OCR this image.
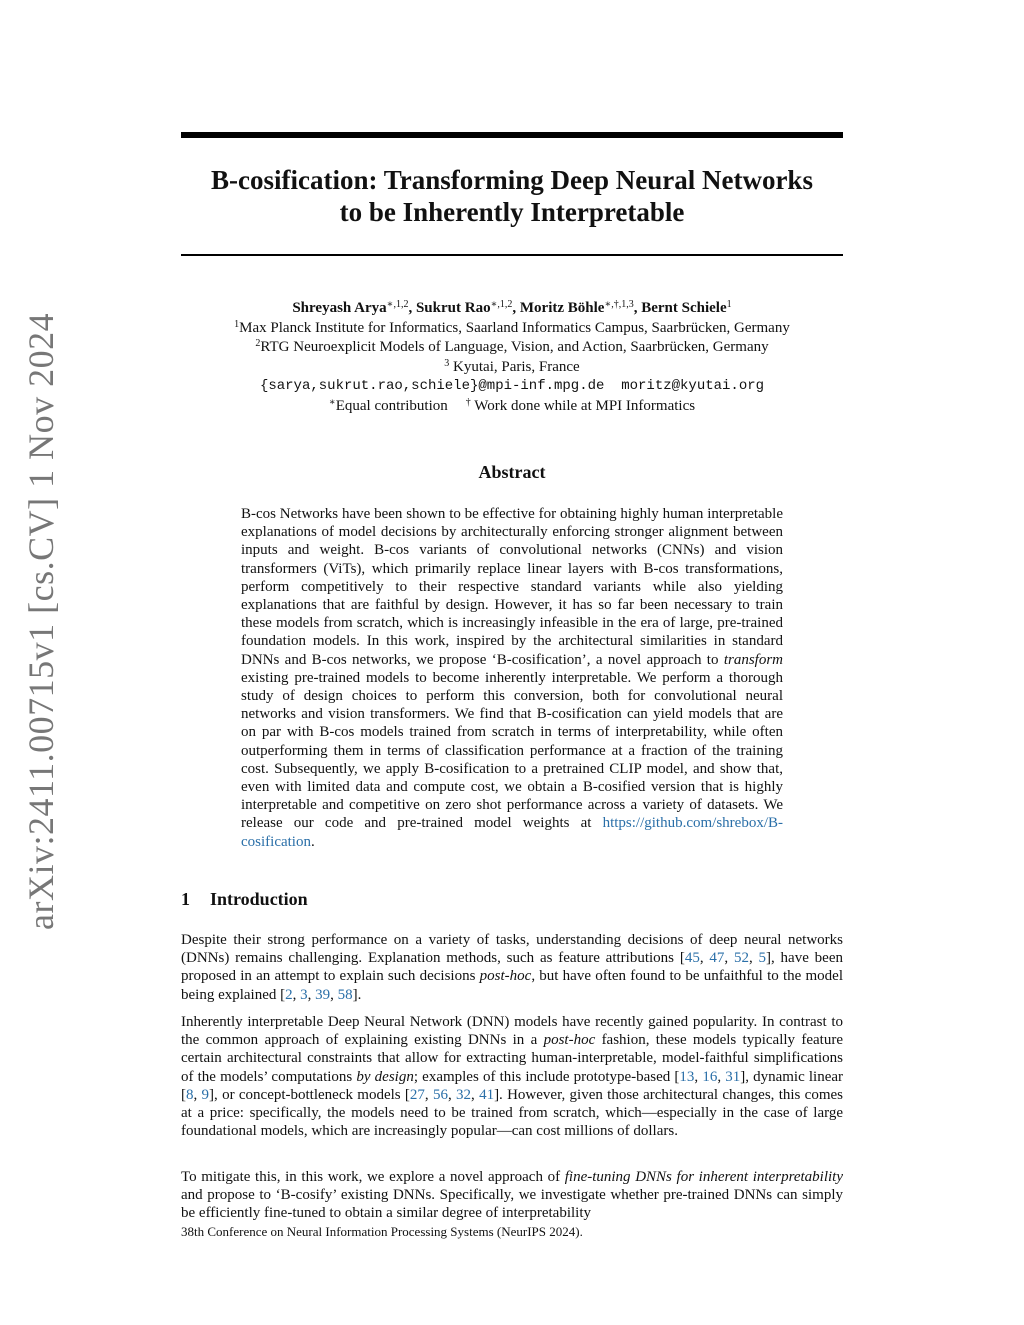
arXiv:2411.00715v1 [cs.CV] 1 Nov 2024
B-cosification: Transforming Deep Neural Networks
to be Inherently Interpretable
Shreyash Arya$^{∗,1,2}$, Sukrut Rao$^{∗,1,2}$, Moritz Böhle$^{∗,\dagger,1,3}$, Bernt Schiele$^1$
$^1$Max Planck Institute for Informatics, Saarland Informatics Campus, Saarbrücken, Germany
$^2$RTG Neuroexplicit Models of Language, Vision, and Action, Saarbrücken, Germany
$^3$ Kyutai, Paris, France
{sarya,sukrut.rao,schiele}@mpi-inf.mpg.de  moritz@kyutai.org
∗Equal contribution † Work done while at MPI Informatics
Abstract

B-cos Networks have been shown to be effective for obtaining highly human interpretable explanations of model decisions by architecturally enforcing stronger alignment between inputs and weight. B-cos variants of convolutional networks (CNNs) and vision transformers (ViTs), which primarily replace linear layers with B-cos transformations, perform competitively to their respective standard variants while also yielding explanations that are faithful by design. However, it has so far been necessary to train these models from scratch, which is increasingly infeasible in the era of large, pre-trained foundation models. In this work, inspired by the architectural similarities in standard DNNs and B-cos networks, we propose ‘B-cosification’, a novel approach to transform existing pre-trained models to become inherently interpretable. We perform a thorough study of design choices to perform this conversion, both for convolutional neural networks and vision transformers. We find that B-cosification can yield models that are on par with B-cos models trained from scratch in terms of interpretability, while often outperforming them in terms of classification performance at a fraction of the training cost. Subsequently, we apply B-cosification to a pretrained CLIP model, and show that, even with limited data and compute cost, we obtain a B-cosified version that is highly interpretable and competitive on zero shot performance across a variety of datasets. We release our code and pre-trained model weights at https://github.com/shrebox/B-cosification.

1 Introduction

Despite their strong performance on a variety of tasks, understanding decisions of deep neural networks (DNNs) remains challenging. Explanation methods, such as feature attributions [45, 47, 52, 5], have been proposed in an attempt to explain such decisions post-hoc, but have often found to be unfaithful to the model being explained [2, 3, 39, 58].

Inherently interpretable Deep Neural Network (DNN) models have recently gained popularity. In contrast to the common approach of explaining existing DNNs in a post-hoc fashion, these models typically feature certain architectural constraints that allow for extracting human-interpretable, model-faithful simplifications of the models’ computations by design; examples of this include prototype-based [13, 16, 31], dynamic linear [8, 9], or concept-bottleneck models [27, 56, 32, 41]. However, given those architectural changes, this comes at a price: specifically, the models need to be trained from scratch, which—especially in the case of large foundational models, which are increasingly popular—can cost millions of dollars.

To mitigate this, in this work, we explore a novel approach of fine-tuning DNNs for inherent interpretability and propose to ‘B-cosify’ existing DNNs. Specifically, we investigate whether pre-trained DNNs can simply be efficiently fine-tuned to obtain a similar degree of interpretability

38th Conference on Neural Information Processing Systems (NeurIPS 2024).
